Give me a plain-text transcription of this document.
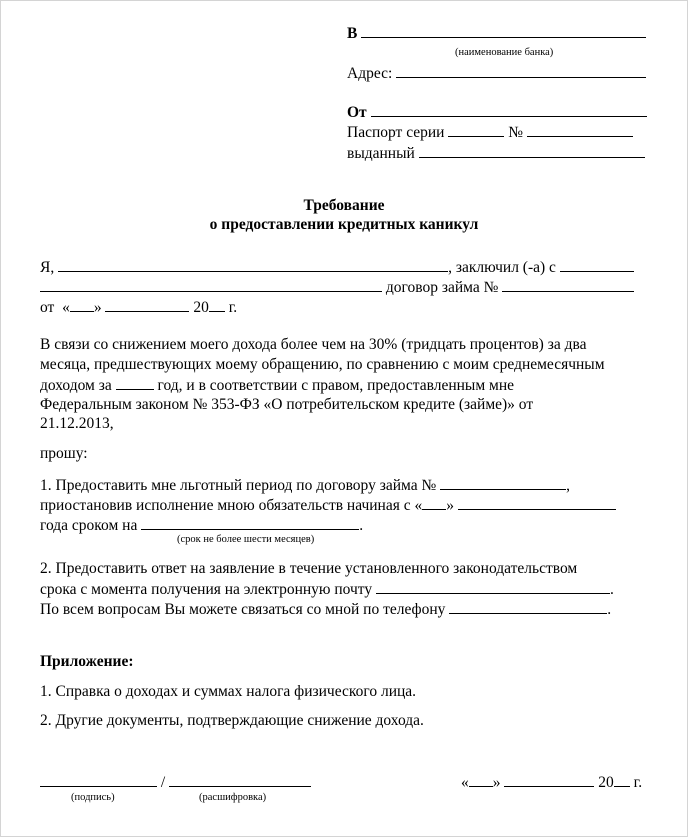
В
(наименование банка)
Адрес:
От
Паспорт серии	№
выданный
Требование
о предоставлении кредитных каникул
Я,	, заключил (-а) с
договор займа №
от « »	20 г.
В связи со снижением моего дохода более чем на 30% (тридцать процентов) за два
месяца, предшествующих моему обращению, по сравнению с моим среднемесячным
доходом за	год, и в соответствии с правом, предоставленным мне
Федеральным законом № 353-ФЗ «О потребительском кредите (займе)» от
21.12.2013,
прошу:
1. Предоставить мне льготный период по договору займа №	,
приостановив исполнение мною обязательств начиная с « »
года сроком на	.
(срок не более шести месяцев)
2. Предоставить ответ на заявление в течение установленного законодательством
срока с момента получения на электронную почту	.
По всем вопросам Вы можете связаться со мной по телефону	.
Приложение:
1. Справка о доходах и суммах налога физического лица.
2. Другие документы, подтверждающие снижение дохода.
/
(подпись)	(расшифровка)
« »	20 г.
